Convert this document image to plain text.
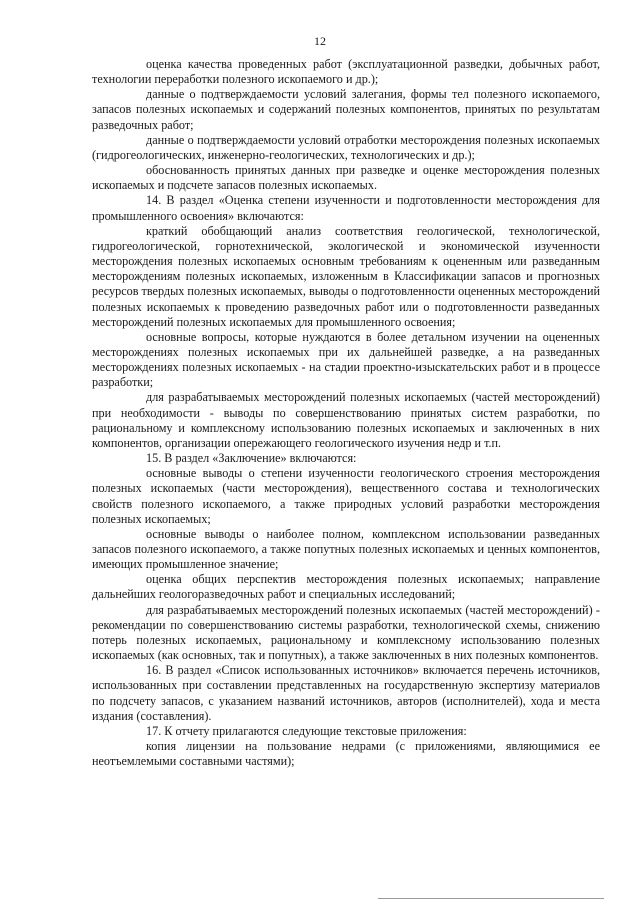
12

оценка качества проведенных работ (эксплуатационной разведки, добычных работ, технологии переработки полезного ископаемого и др.);

данные о подтверждаемости условий залегания, формы тел полезного ископаемого, запасов полезных ископаемых и содержаний полезных компонентов, принятых по результатам разведочных работ;

данные о подтверждаемости условий отработки месторождения полезных ископаемых (гидрогеологических, инженерно-геологических, технологических и др.);

обоснованность принятых данных при разведке и оценке месторождения полезных ископаемых и подсчете запасов полезных ископаемых.

14. В раздел «Оценка степени изученности и подготовленности месторождения для промышленного освоения» включаются:

краткий обобщающий анализ соответствия геологической, технологической, гидрогеологической, горнотехнической, экологической и экономической изученности месторождения полезных ископаемых основным требованиям к оцененным или разведанным месторождениям полезных ископаемых, изложенным в Классификации запасов и прогнозных ресурсов твердых полезных ископаемых, выводы о подготовленности оцененных месторождений полезных ископаемых к проведению разведочных работ или о подготовленности разведанных месторождений полезных ископаемых для промышленного освоения;

основные вопросы, которые нуждаются в более детальном изучении на оцененных месторождениях полезных ископаемых при их дальнейшей разведке, а на разведанных месторождениях полезных ископаемых - на стадии проектно-изыскательских работ и в процессе разработки;

для разрабатываемых месторождений полезных ископаемых (частей месторождений) при необходимости - выводы по совершенствованию принятых систем разработки, по рациональному и комплексному использованию полезных ископаемых и заключенных в них компонентов, организации опережающего геологического изучения недр и т.п.

15. В раздел «Заключение» включаются:

основные выводы о степени изученности геологического строения месторождения полезных ископаемых (части месторождения), вещественного состава и технологических свойств полезного ископаемого, а также природных условий разработки месторождения полезных ископаемых;

основные выводы о наиболее полном, комплексном использовании разведанных запасов полезного ископаемого, а также попутных полезных ископаемых и ценных компонентов, имеющих промышленное значение;

оценка общих перспектив месторождения полезных ископаемых; направление дальнейших геологоразведочных работ и специальных исследований;

для разрабатываемых месторождений полезных ископаемых (частей месторождений) - рекомендации по совершенствованию системы разработки, технологической схемы, снижению потерь полезных ископаемых, рациональному и комплексному использованию полезных ископаемых (как основных, так и попутных), а также заключенных в них полезных компонентов.

16. В раздел «Список использованных источников» включается перечень источников, использованных при составлении представленных на государственную экспертизу материалов по подсчету запасов, с указанием названий источников, авторов (исполнителей), хода и места издания (составления).

17. К отчету прилагаются следующие текстовые приложения:

копия лицензии на пользование недрами (с приложениями, являющимися ее неотъемлемыми составными частями);
